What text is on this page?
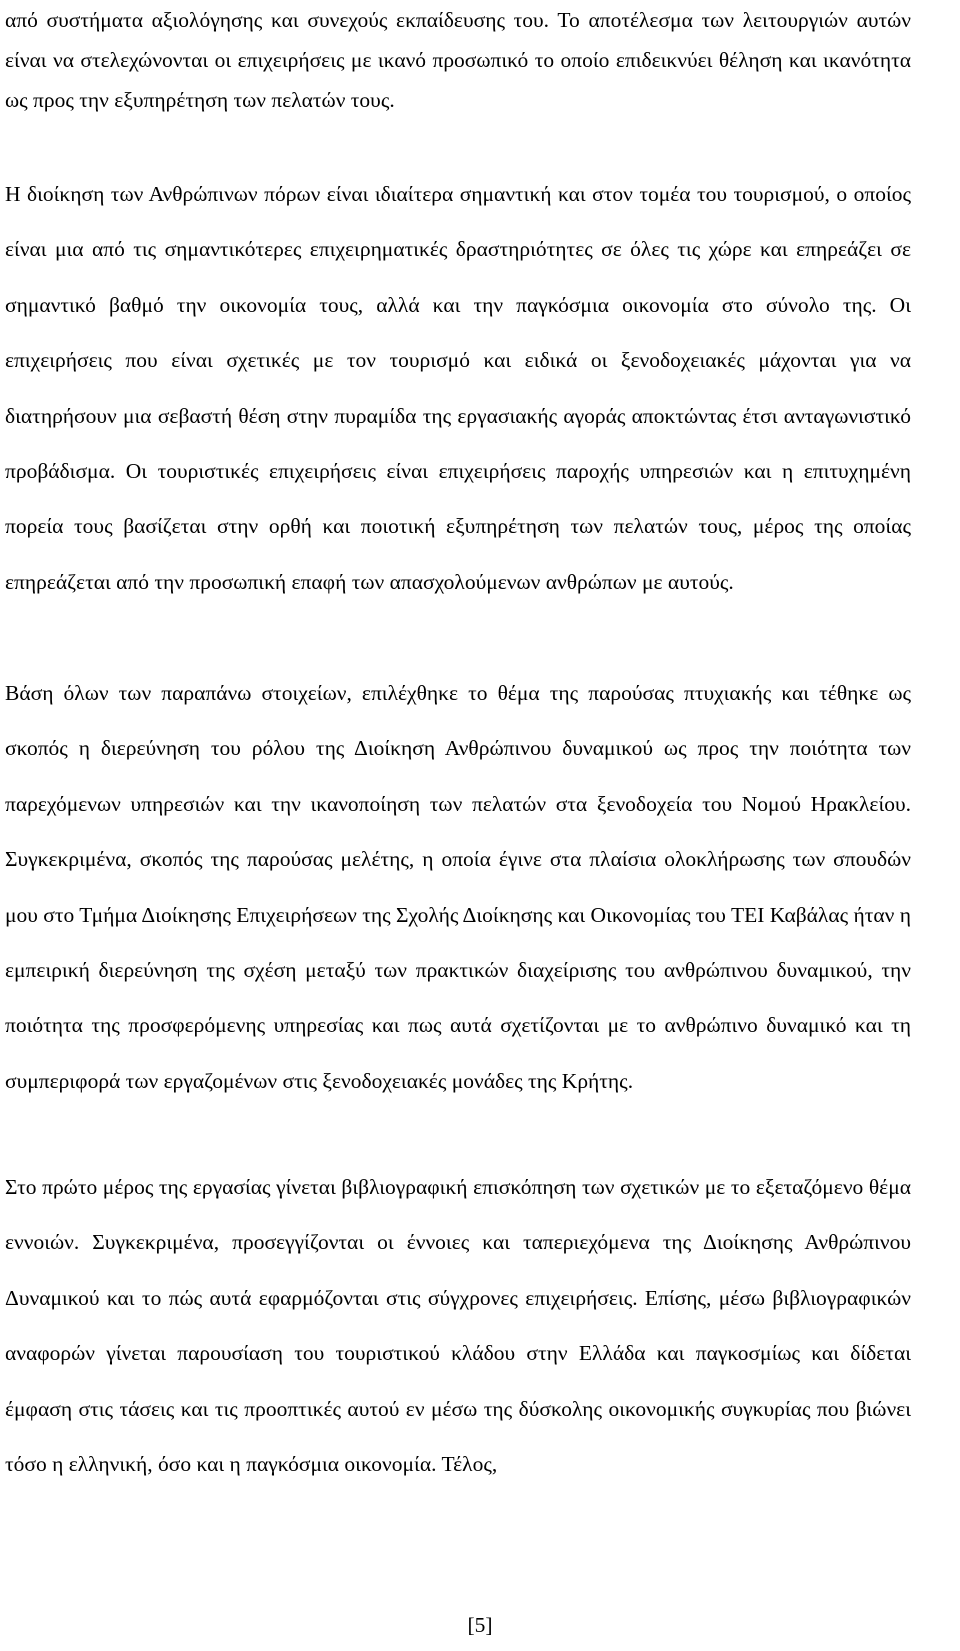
από συστήματα αξιολόγησης και συνεχούς εκπαίδευσης του. Το αποτέλεσμα των λειτουργιών αυτών είναι να στελεχώνονται οι επιχειρήσεις με ικανό προσωπικό το οποίο επιδεικνύει θέληση και ικανότητα ως προς την εξυπηρέτηση των πελατών τους.

Η διοίκηση των Ανθρώπινων πόρων είναι ιδιαίτερα σημαντική και στον τομέα του τουρισμού, ο οποίος είναι μια από τις σημαντικότερες επιχειρηματικές δραστηριότητες σε όλες τις χώρε και επηρεάζει σε σημαντικό βαθμό την οικονομία τους, αλλά και την παγκόσμια οικονομία στο σύνολο της. Οι επιχειρήσεις που είναι σχετικές με τον τουρισμό και ειδικά οι ξενοδοχειακές μάχονται για να διατηρήσουν μια σεβαστή θέση στην πυραμίδα της εργασιακής αγοράς αποκτώντας έτσι ανταγωνιστικό προβάδισμα. Οι τουριστικές επιχειρήσεις είναι επιχειρήσεις παροχής υπηρεσιών και η επιτυχημένη πορεία τους βασίζεται στην ορθή και ποιοτική εξυπηρέτηση των πελατών τους, μέρος της οποίας επηρεάζεται από την προσωπική επαφή των απασχολούμενων ανθρώπων με αυτούς.

Βάση όλων των παραπάνω στοιχείων, επιλέχθηκε το θέμα της παρούσας πτυχιακής και τέθηκε ως σκοπός η διερεύνηση του ρόλου της Διοίκηση Ανθρώπινου δυναμικού ως προς την ποιότητα των παρεχόμενων υπηρεσιών και την ικανοποίηση των πελατών στα ξενοδοχεία του Νομού Ηρακλείου. Συγκεκριμένα, σκοπός της παρούσας μελέτης, η οποία έγινε στα πλαίσια ολοκλήρωσης των σπουδών μου στο Τμήμα Διοίκησης Επιχειρήσεων της Σχολής Διοίκησης και Οικονομίας του ΤΕΙ Καβάλας ήταν η εμπειρική διερεύνηση της σχέση μεταξύ των πρακτικών διαχείρισης του ανθρώπινου δυναμικού, την ποιότητα της προσφερόμενης υπηρεσίας και πως αυτά σχετίζονται με το ανθρώπινο δυναμικό και τη συμπεριφορά των εργαζομένων στις ξενοδοχειακές μονάδες της Κρήτης.

Στο πρώτο μέρος της εργασίας γίνεται βιβλιογραφική επισκόπηση των σχετικών με το εξεταζόμενο θέμα εννοιών. Συγκεκριμένα, προσεγγίζονται οι έννοιες και ταπεριεχόμενα της Διοίκησης Ανθρώπινου Δυναμικού και το πώς αυτά εφαρμόζονται στις σύγχρονες επιχειρήσεις. Επίσης, μέσω βιβλιογραφικών αναφορών γίνεται παρουσίαση του τουριστικού κλάδου στην Ελλάδα και παγκοσμίως και δίδεται έμφαση στις τάσεις και τις προοπτικές αυτού εν μέσω της δύσκολης οικονομικής συγκυρίας που βιώνει τόσο η ελληνική, όσο και η παγκόσμια οικονομία. Τέλος,

[5]
